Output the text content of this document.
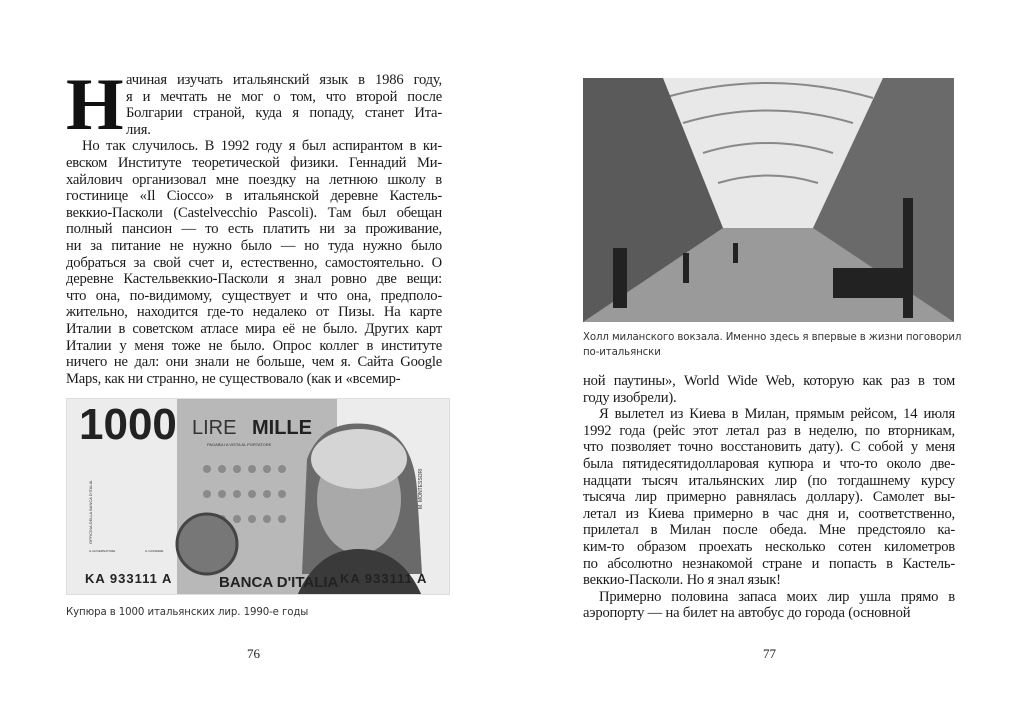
Н ачиная изучать итальянский язык в 1986 году,
я и мечтать не мог о том, что второй после
Болгарии страной, куда я попаду, станет Ита-
лия.
Но так случилось. В 1992 году я был аспирантом в ки-
евском Институте теоретической физики. Геннадий Ми-
хайлович организовал мне поездку на летнюю школу в
гостинице «Il Ciocco» в итальянской деревне Кастель-
веккио-Пасколи (Castelvecchio Pascoli). Там был обещан
полный пансион — то есть платить ни за проживание,
ни за питание не нужно было — но туда нужно было
добраться за свой счет и, естественно, самостоятельно. О
деревне Кастельвеккио-Пасколи я знал ровно две вещи:
что она, по-видимому, существует и что она, предполо-
жительно, находится где-то недалеко от Пизы. На карте
Италии в советском атласе мира её не было. Других карт
Италии у меня тоже не было. Опрос коллег в институте
ничего не дал: они знали не больше, чем я. Сайта Google
Maps, как ни странно, не существовало (как и «всемир-
1000 LIRE MILLE
PAGABILI A VISTA AL PORTATORE
OFFICINA DELLA BANCA D'ITALIA	M. MONTESSORI
IL GOVERNATORE	IL CASSIERE
KA 933111 A	BANCA D'ITALIA KA 933111 A
Купюра в 1000 итальянских лир. 1990-е годы
76
Холл миланского вокзала. Именно здесь я впервые в жизни поговорил
по-итальянски
ной паутины», World Wide Web, которую как раз в том
году изобрели).
Я вылетел из Киева в Милан, прямым рейсом, 14 июля
1992 года (рейс этот летал раз в неделю, по вторникам,
что позволяет точно восстановить дату). С собой у меня
была пятидесятидолларовая купюра и что-то около две-
надцати тысяч итальянских лир (по тогдашнему курсу
тысяча лир примерно равнялась доллару). Самолет вы-
летал из Киева примерно в час дня и, соответственно,
прилетал в Милан после обеда. Мне предстояло ка-
ким-то образом проехать несколько сотен километров
по абсолютно незнакомой стране и попасть в Кастель-
веккио-Пасколи. Но я знал язык!
Примерно половина запаса моих лир ушла прямо в
аэропорту — на билет на автобус до города (основной
77
